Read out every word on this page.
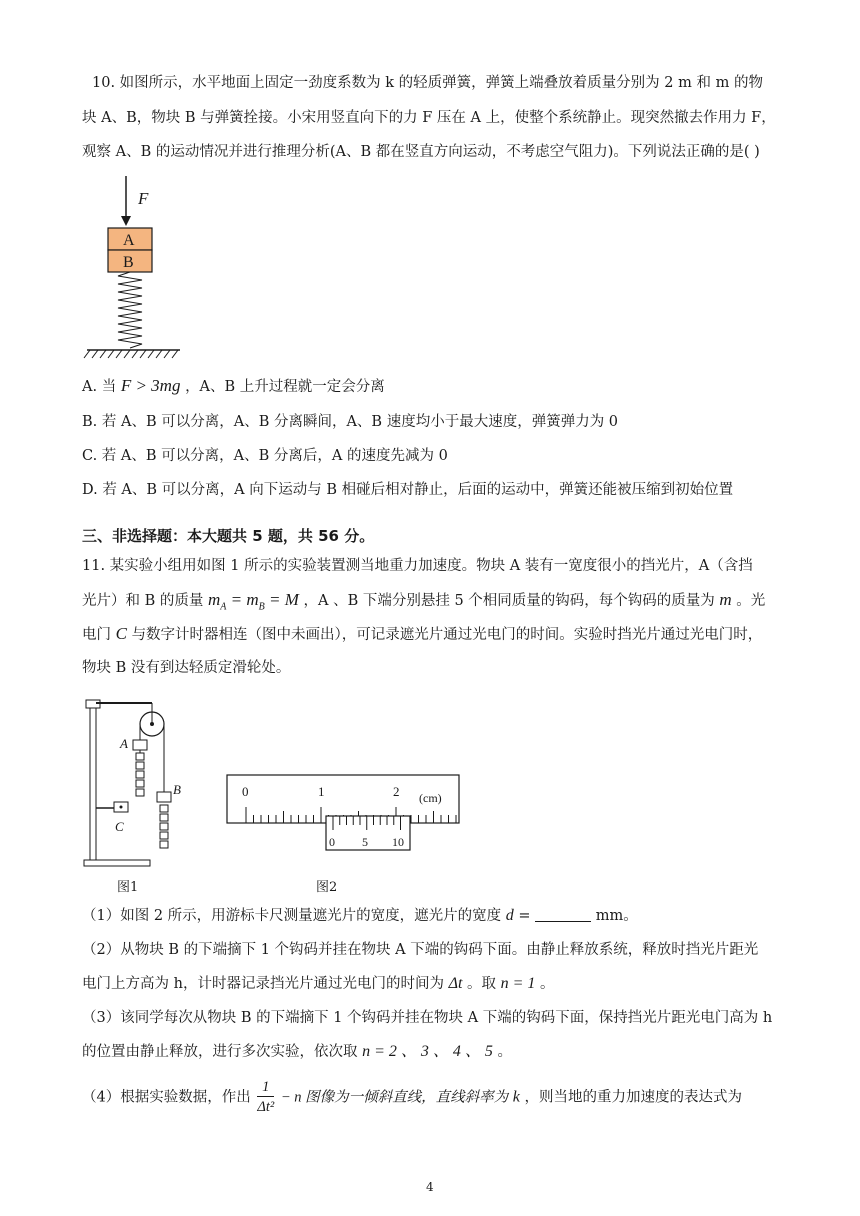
10. 如图所示，水平地面上固定一劲度系数为 k 的轻质弹簧，弹簧上端叠放着质量分别为 2 m 和 m 的物
块 A、B，物块 B 与弹簧拴接。小宋用竖直向下的力 F 压在 A 上，使整个系统静止。现突然撤去作用力 F，
观察 A、B 的运动情况并进行推理分析(A、B 都在竖直方向运动，不考虑空气阻力)。下列说法正确的是( )
F
A
B
A. 当 F > 3mg ，A、B 上升过程就一定会分离
B. 若 A、B 可以分离，A、B 分离瞬间，A、B 速度均小于最大速度，弹簧弹力为 0
C. 若 A、B 可以分离，A、B 分离后，A 的速度先减为 0
D. 若 A、B 可以分离，A 向下运动与 B 相碰后相对静止，后面的运动中，弹簧还能被压缩到初始位置
三、非选择题：本大题共 5 题，共 56 分。
11. 某实验小组用如图 1 所示的实验装置测当地重力加速度。物块 A 装有一宽度很小的挡光片，A（含挡
光片）和 B 的质量 $m_A = m_B = M$ ，A 、B 下端分别悬挂 5 个相同质量的钩码，每个钩码的质量为 m 。光
电门 C 与数字计时器相连（图中未画出），可记录遮光片通过光电门的时间。实验时挡光片通过光电门时，
物块 B 没有到达轻质定滑轮处。
A
B
C
图1
0	1	2 (cm)
0 5 10
图2
（1）如图 2 所示，用游标卡尺测量遮光片的宽度，遮光片的宽度 d =	mm。
（2）从物块 B 的下端摘下 1 个钩码并挂在物块 A 下端的钩码下面。由静止释放系统，释放时挡光片距光
电门上方高为 h，计时器记录挡光片通过光电门的时间为 Δt 。取 n = 1 。
（3）该同学每次从物块 B 的下端摘下 1 个钩码并挂在物块 A 下端的钩码下面，保持挡光片距光电门高为 h
的位置由静止释放，进行多次实验，依次取 n = 2 、 3 、 4 、 5 。
（4）根据实验数据，作出 $\frac{1}{\text{Δt²}} - n$ 图像为一倾斜直线，直线斜率为 k ，则当地的重力加速度的表达式为
4
